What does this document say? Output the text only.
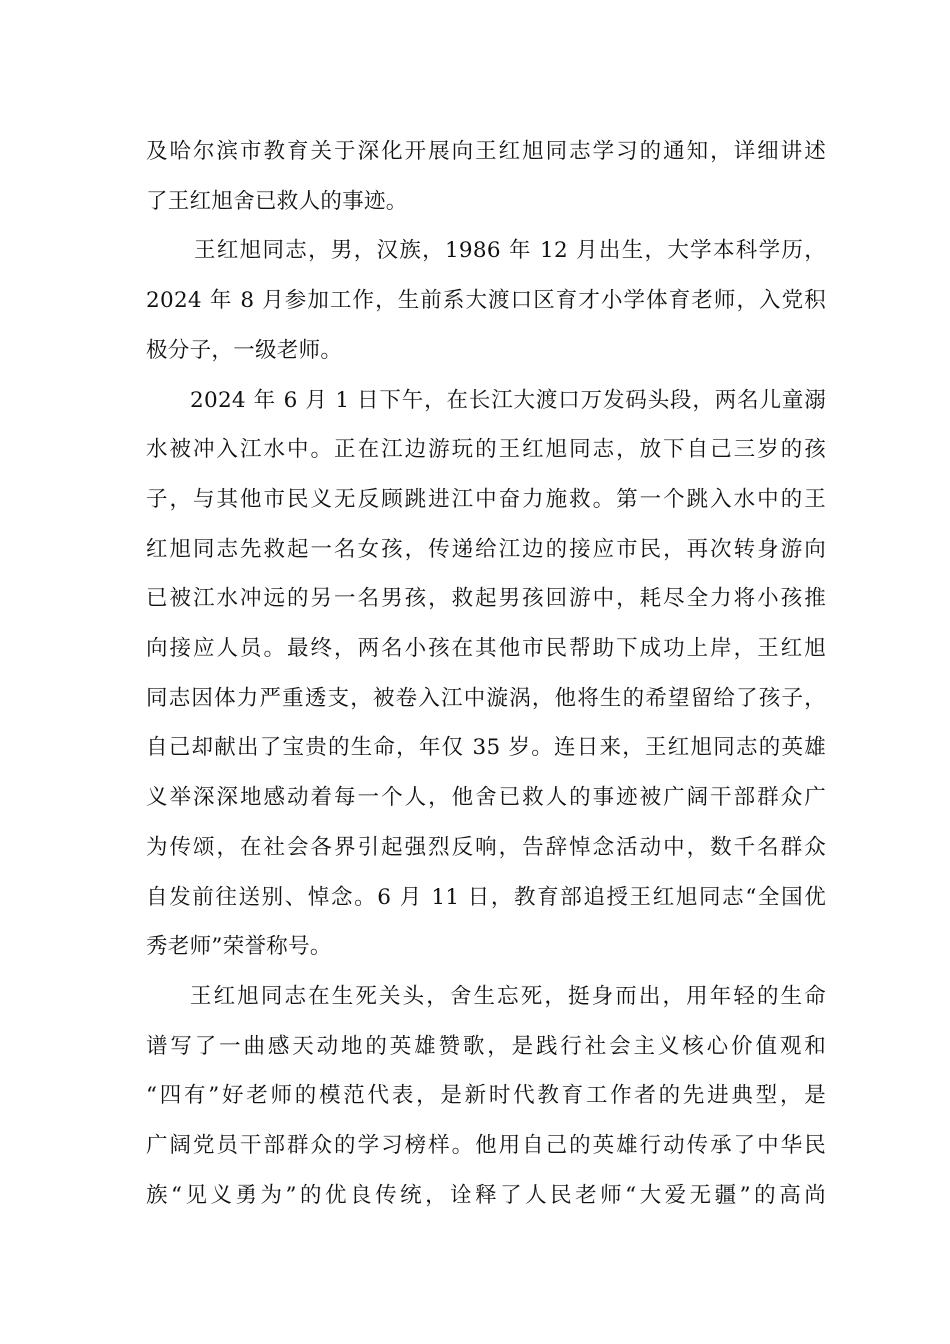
及哈尔滨市教育关于深化开展向王红旭同志学习的通知，详细讲述
了王红旭舍已救人的事迹。
王红旭同志，男，汉族，1986 年 12 月出生，大学本科学历，
2024 年 8 月参加工作，生前系大渡口区育才小学体育老师，入党积
极分子，一级老师。
2024 年 6 月 1 日下午，在长江大渡口万发码头段，两名儿童溺
水被冲入江水中。正在江边游玩的王红旭同志，放下自己三岁的孩
子，与其他市民义无反顾跳进江中奋力施救。第一个跳入水中的王
红旭同志先救起一名女孩，传递给江边的接应市民，再次转身游向
已被江水冲远的另一名男孩，救起男孩回游中，耗尽全力将小孩推
向接应人员。最终，两名小孩在其他市民帮助下成功上岸，王红旭
同志因体力严重透支，被卷入江中漩涡，他将生的希望留给了孩子，
自己却献出了宝贵的生命，年仅 35 岁。连日来，王红旭同志的英雄
义举深深地感动着每一个人，他舍已救人的事迹被广阔干部群众广
为传颂，在社会各界引起强烈反响，告辞悼念活动中，数千名群众
自发前往送别、悼念。6 月 11 日，教育部追授王红旭同志“全国优
秀老师”荣誉称号。
王红旭同志在生死关头，舍生忘死，挺身而出，用年轻的生命
谱写了一曲感天动地的英雄赞歌，是践行社会主义核心价值观和
“四有”好老师的模范代表，是新时代教育工作者的先进典型，是
广阔党员干部群众的学习榜样。他用自己的英雄行动传承了中华民
族“见义勇为”的优良传统，诠释了人民老师“大爱无疆”的高尚
